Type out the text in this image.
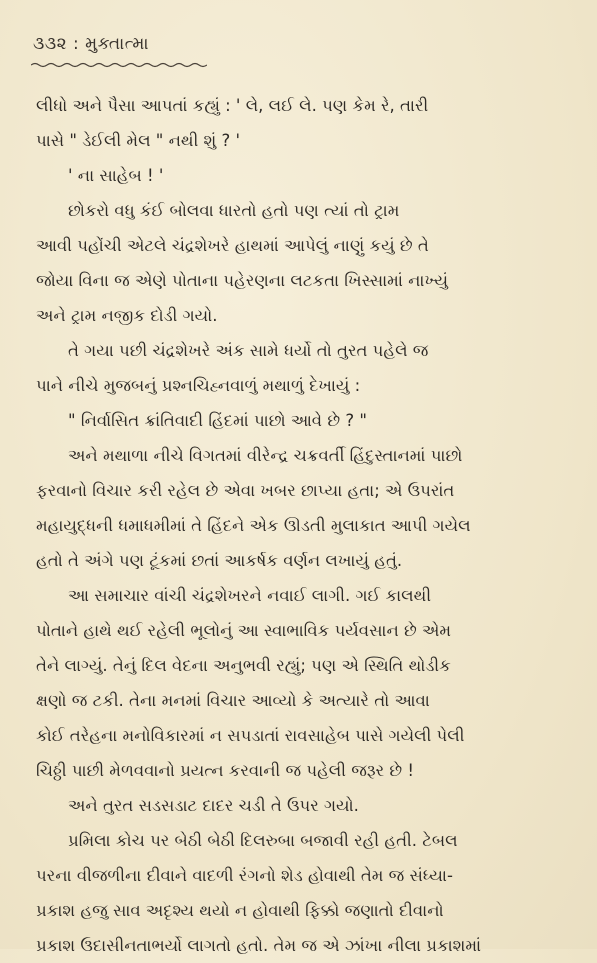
૩૩૨ : મુક્તાત્મા
લીધો અને પૈસા આપતાં કહ્યું : ' લે, લઈ લે. પણ કેમ રે, તારી
પાસે " ડેઈલી મેલ " નથી શું ? '
' ના સાહેબ ! '
છોકરો વધુ કંઈ બોલવા ધારતો હતો પણ ત્યાં તો ટ્રામ
આવી પહોંચી એટલે ચંદ્રશેખરે હાથમાં આપેલું નાણું કયું છે તે
જોયા વિના જ એણે પોતાના પહેરણના લટકતા ખિસ્સામાં નાખ્યું
અને ટ્રામ નજીક દોડી ગયો.
તે ગયા પછી ચંદ્રશેખરે અંક સામે ધર્યો તો તુરત પહેલે જ
પાને નીચે મુજબનું પ્રશ્નચિહ્નવાળું મથાળું દેખાયું :
" નિર્વાસિત ક્રાંતિવાદી હિંદમાં પાછો આવે છે ? "
અને મથાળા નીચે વિગતમાં વીરેન્દ્ર ચક્રવર્તી હિંદુસ્તાનમાં પાછો
ફરવાનો વિચાર કરી રહેલ છે એવા ખબર છાપ્યા હતા; એ ઉપરાંત
મહાયુદ્ધની ધમાધમીમાં તે હિંદને એક ઊડતી મુલાકાત આપી ગયેલ
હતો તે અંગે પણ ટૂંકમાં છતાં આકર્ષક વર્ણન લખાયું હતું.
આ સમાચાર વાંચી ચંદ્રશેખરને નવાઈ લાગી. ગઈ કાલથી
પોતાને હાથે થઈ રહેલી ભૂલોનું આ સ્વાભાવિક પર્યવસાન છે એમ
તેને લાગ્યું. તેનું દિલ વેદના અનુભવી રહ્યું; પણ એ સ્થિતિ થોડીક
ક્ષણો જ ટકી. તેના મનમાં વિચાર આવ્યો કે અત્યારે તો આવા
કોઈ તરેહના મનોવિકારમાં ન સપડાતાં રાવસાહેબ પાસે ગયેલી પેલી
ચિઠ્ઠી પાછી મેળવવાનો પ્રયત્ન કરવાની જ પહેલી જરૂર છે !
અને તુરત સડસડાટ દાદર ચડી તે ઉપર ગયો.
પ્રમિલા કોચ પર બેઠી બેઠી દિલરુબા બજાવી રહી હતી. ટેબલ
પરના વીજળીના દીવાને વાદળી રંગનો શેડ હોવાથી તેમ જ સંધ્યા-
પ્રકાશ હજુ સાવ અદૃશ્ય થયો ન હોવાથી ફિક્કો જણાતો દીવાનો
પ્રકાશ ઉદાસીનતાભર્યો લાગતો હતો. તેમ જ એ ઝાંખા નીલા પ્રકાશમાં
